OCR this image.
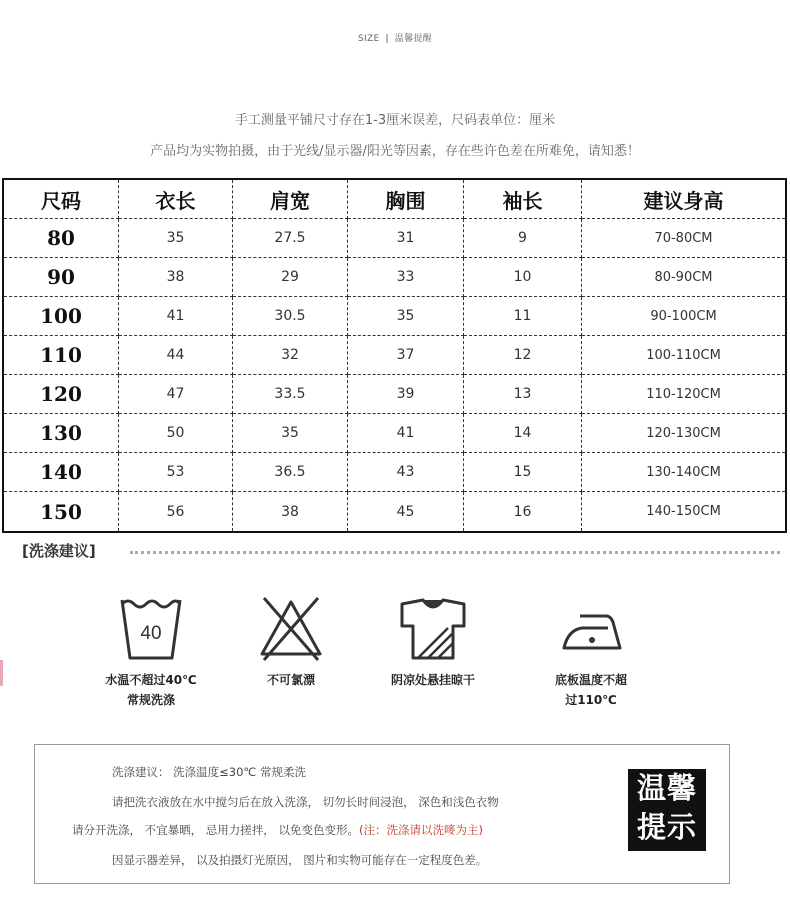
SIZE | 温馨提醒
手工测量平铺尺寸存在1-3厘米误差，尺码表单位：厘米
产品均为实物拍摄，由于光线/显示器/阳光等因素，存在些许色差在所难免，请知悉！
尺码	衣长	肩宽	胸围	袖长	建议身高
80	35	27.5	31	9	70-80CM
90	38	29	33	10	80-90CM
100	41	30.5	35	11	90-100CM
110	44	32	37	12	100-110CM
120	47	33.5	39	13	110-120CM
130	50	35	41	14	120-130CM
140	53	36.5	43	15	130-140CM
150	56	38	45	16	140-150CM
[洗涤建议]
40
水温不超过40℃
常规洗涤
不可氯漂	阴凉处悬挂晾干	底板温度不超
过110℃
洗涤建议： 洗涤温度≤30℃ 常规柔洗
请把洗衣液放在水中搅匀后在放入洗涤， 切勿长时间浸泡， 深色和浅色衣物
请分开洗涤， 不宜暴晒， 忌用力搓拌， 以免变色变形。(注：洗涤请以洗嘜为主)
因显示器差异， 以及拍摄灯光原因， 图片和实物可能存在一定程度色差。
温馨
提示
